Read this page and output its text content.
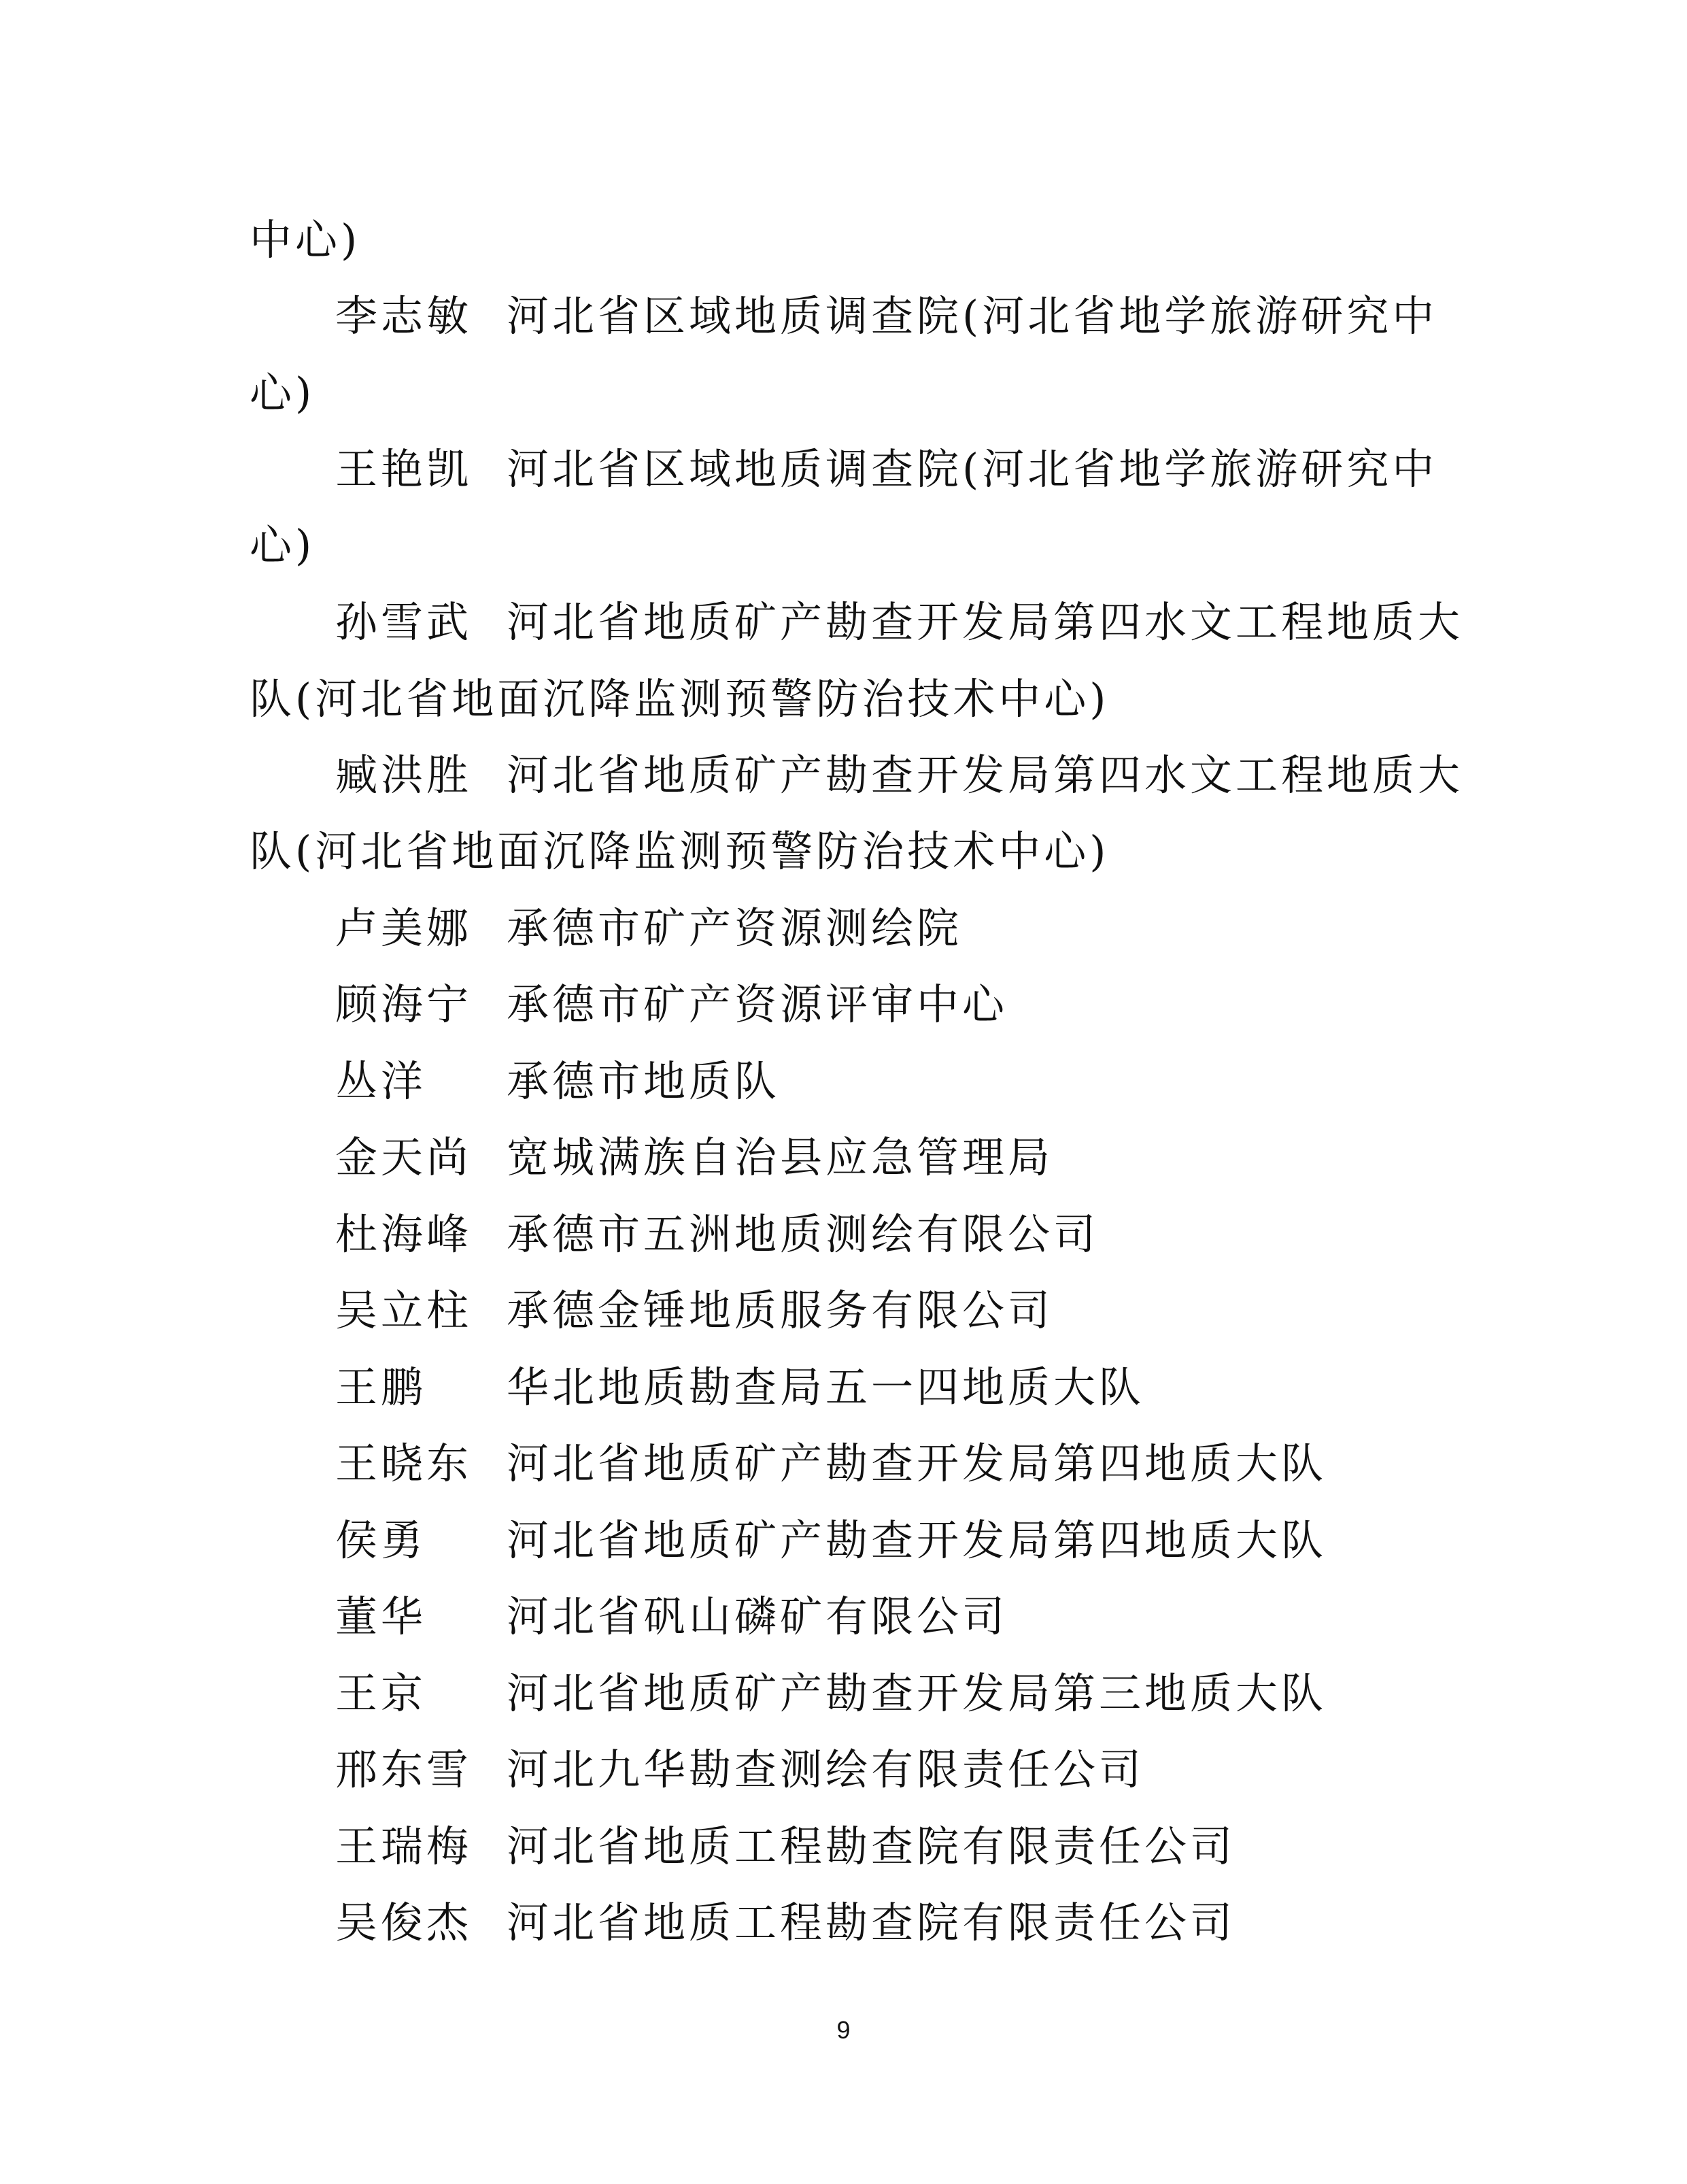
中心)
李志敏 河北省区域地质调查院(河北省地学旅游研究中
心)
王艳凯 河北省区域地质调查院(河北省地学旅游研究中
心)
孙雪武 河北省地质矿产勘查开发局第四水文工程地质大
队(河北省地面沉降监测预警防治技术中心)
臧洪胜 河北省地质矿产勘查开发局第四水文工程地质大
队(河北省地面沉降监测预警防治技术中心)
卢美娜 承德市矿产资源测绘院
顾海宁 承德市矿产资源评审中心
丛洋 承德市地质队
金天尚 宽城满族自治县应急管理局
杜海峰 承德市五洲地质测绘有限公司
吴立柱 承德金锤地质服务有限公司
王鹏 华北地质勘查局五一四地质大队
王晓东 河北省地质矿产勘查开发局第四地质大队
侯勇 河北省地质矿产勘查开发局第四地质大队
董华 河北省矾山磷矿有限公司
王京 河北省地质矿产勘查开发局第三地质大队
邢东雪 河北九华勘查测绘有限责任公司
王瑞梅 河北省地质工程勘查院有限责任公司
吴俊杰 河北省地质工程勘查院有限责任公司
9
